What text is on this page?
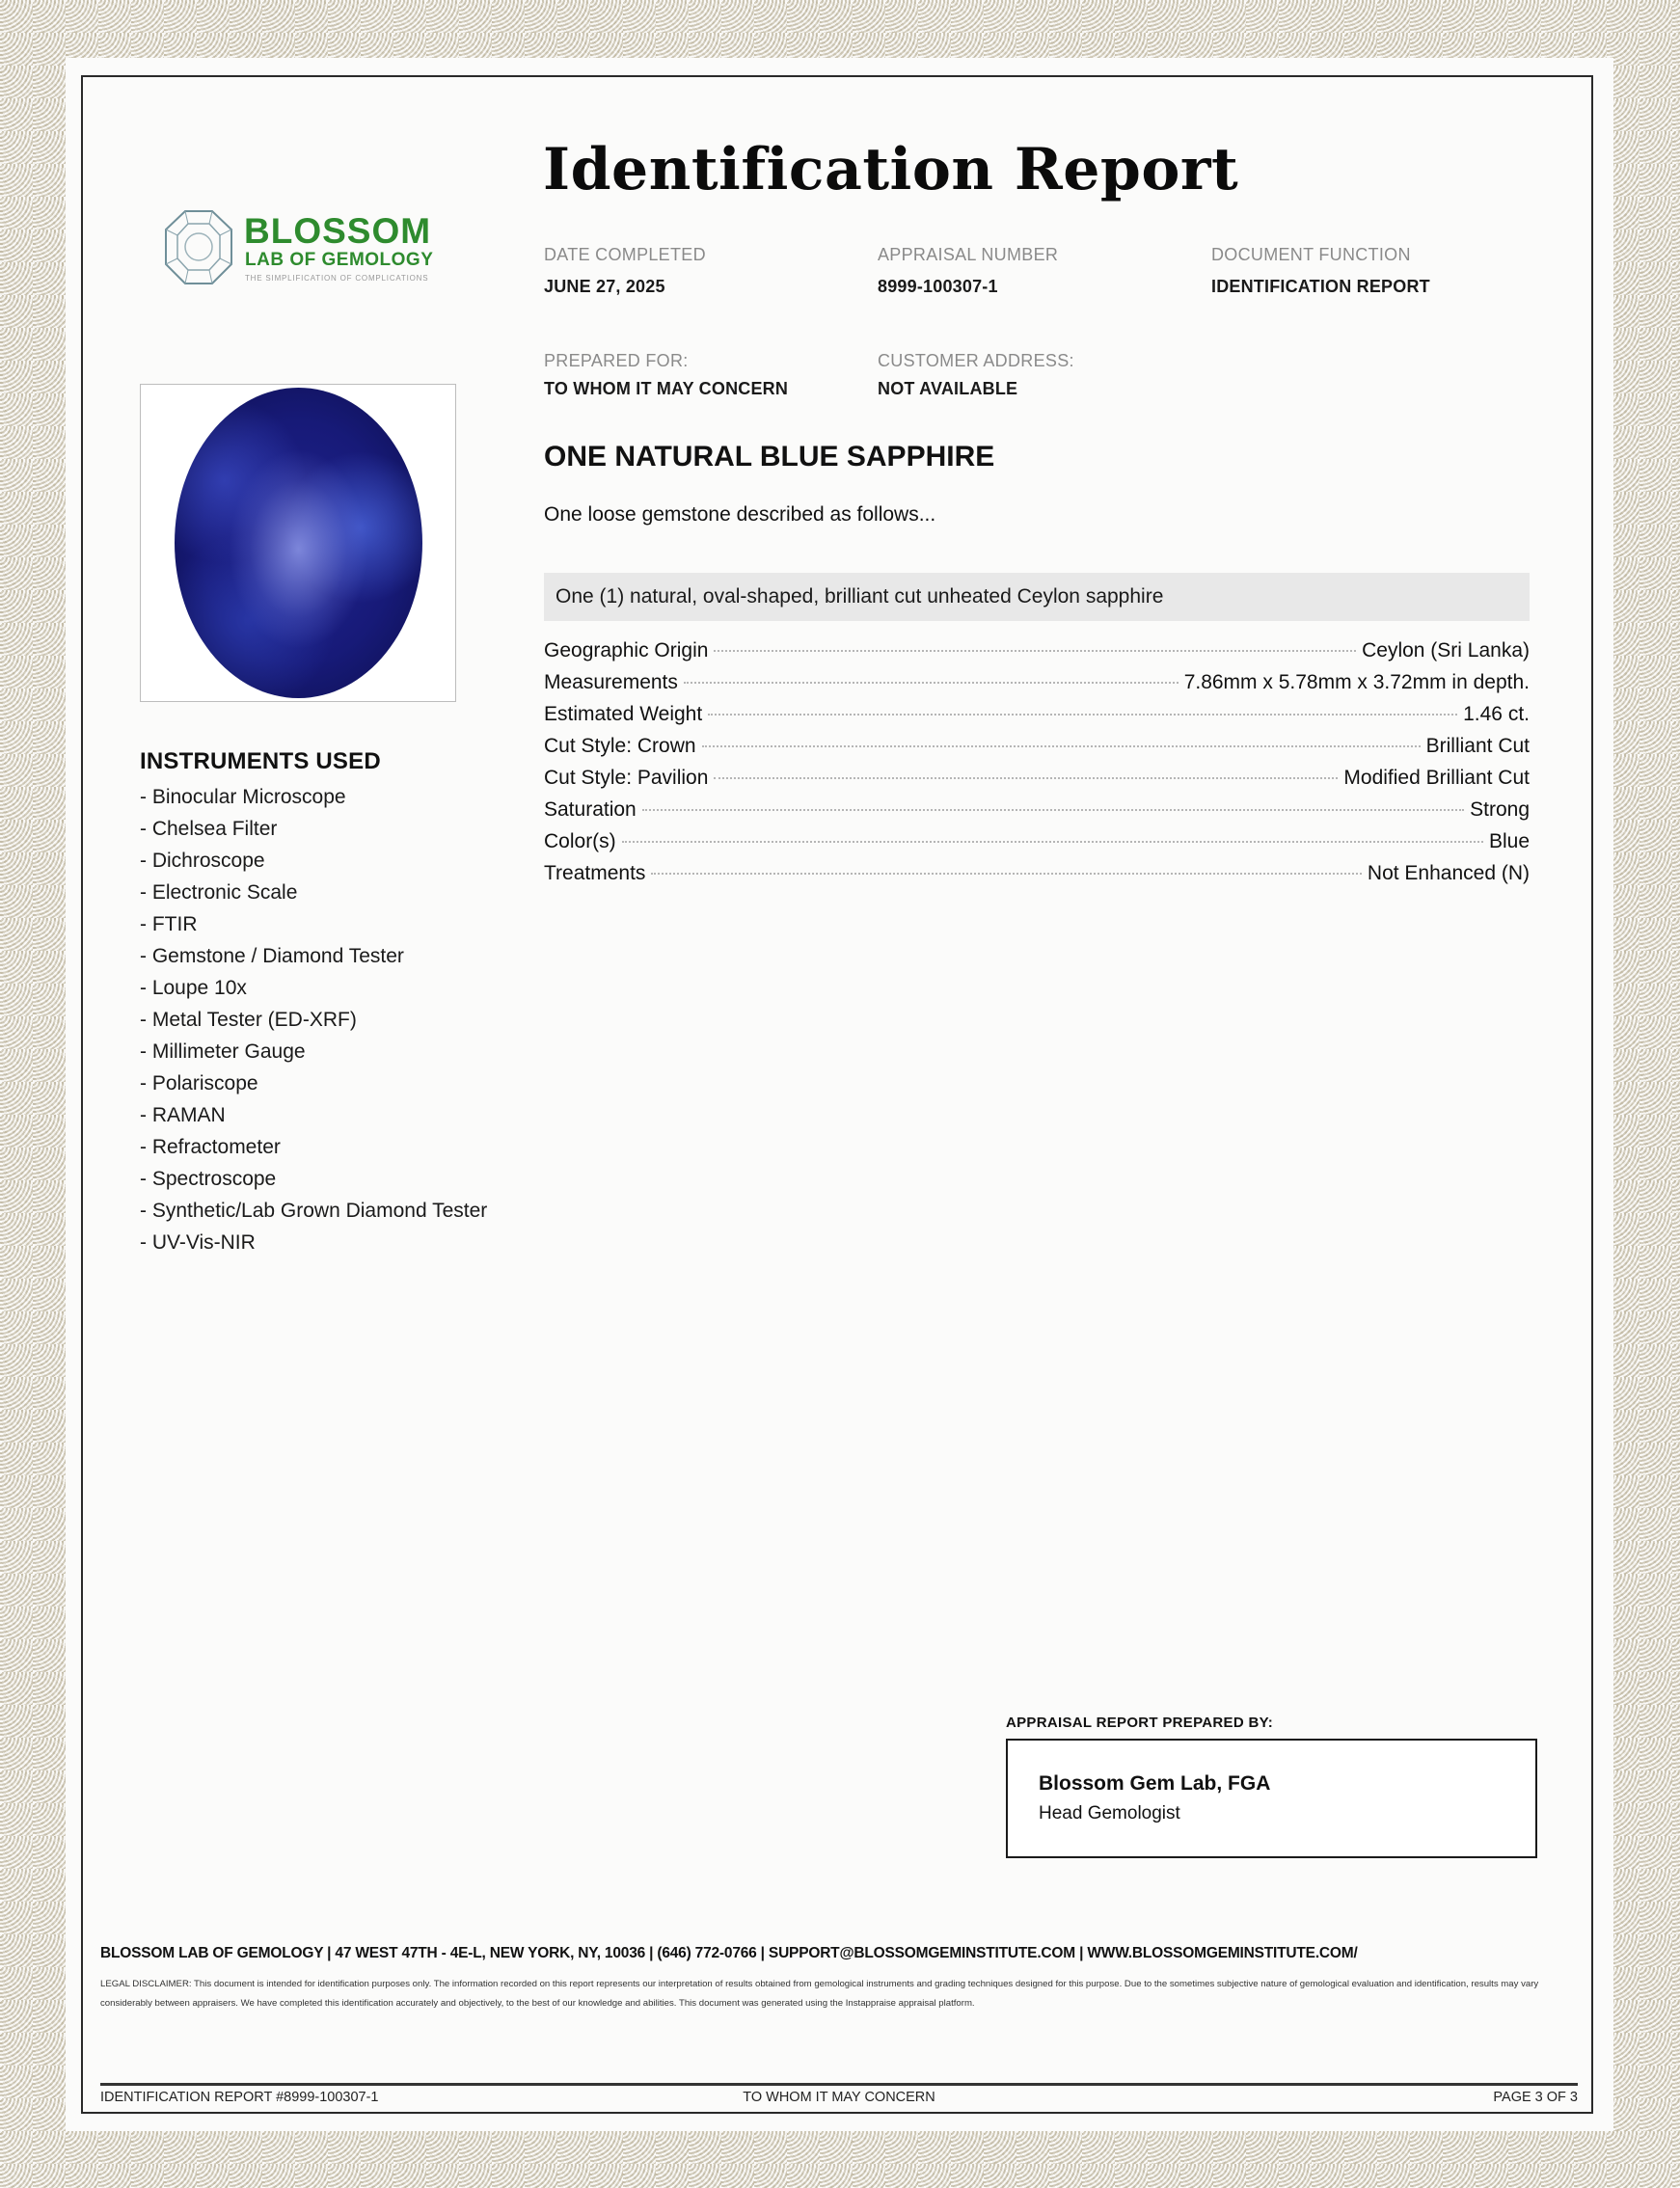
BLOSSOM
LAB OF GEMOLOGY
THE SIMPLIFICATION OF COMPLICATIONS
Identification Report
DATE COMPLETED
JUNE 27, 2025
APPRAISAL NUMBER
8999-100307-1
DOCUMENT FUNCTION
IDENTIFICATION REPORT
PREPARED FOR:
TO WHOM IT MAY CONCERN
CUSTOMER ADDRESS:
NOT AVAILABLE
INSTRUMENTS USED
- Binocular Microscope
- Chelsea Filter
- Dichroscope
- Electronic Scale
- FTIR
- Gemstone / Diamond Tester
- Loupe 10x
- Metal Tester (ED-XRF)
- Millimeter Gauge
- Polariscope
- RAMAN
- Refractometer
- Spectroscope
- Synthetic/Lab Grown Diamond Tester
- UV-Vis-NIR
ONE NATURAL BLUE SAPPHIRE
One loose gemstone described as follows...
One (1) natural, oval-shaped, brilliant cut unheated Ceylon sapphire
Geographic Origin	Ceylon (Sri Lanka)
Measurements	7.86mm x 5.78mm x 3.72mm in depth.
Estimated Weight	1.46 ct.
Cut Style: Crown	Brilliant Cut
Cut Style: Pavilion	Modified Brilliant Cut
Saturation	Strong
Color(s)	Blue
Treatments	Not Enhanced (N)
APPRAISAL REPORT PREPARED BY:
Blossom Gem Lab, FGA
Head Gemologist
BLOSSOM LAB OF GEMOLOGY | 47 WEST 47TH - 4E-L, NEW YORK, NY, 10036 | (646) 772-0766 | SUPPORT@BLOSSOMGEMINSTITUTE.COM | WWW.BLOSSOMGEMINSTITUTE.COM/
LEGAL DISCLAIMER: This document is intended for identification purposes only. The information recorded on this report represents our interpretation of results obtained from gemological instruments and grading techniques designed for this purpose. Due to the sometimes subjective nature of gemological evaluation and identification, results may vary considerably between appraisers. We have completed this identification accurately and objectively, to the best of our knowledge and abilities. This document was generated using the Instappraise appraisal platform.
IDENTIFICATION REPORT #8999-100307-1	TO WHOM IT MAY CONCERN	PAGE 3 OF 3
